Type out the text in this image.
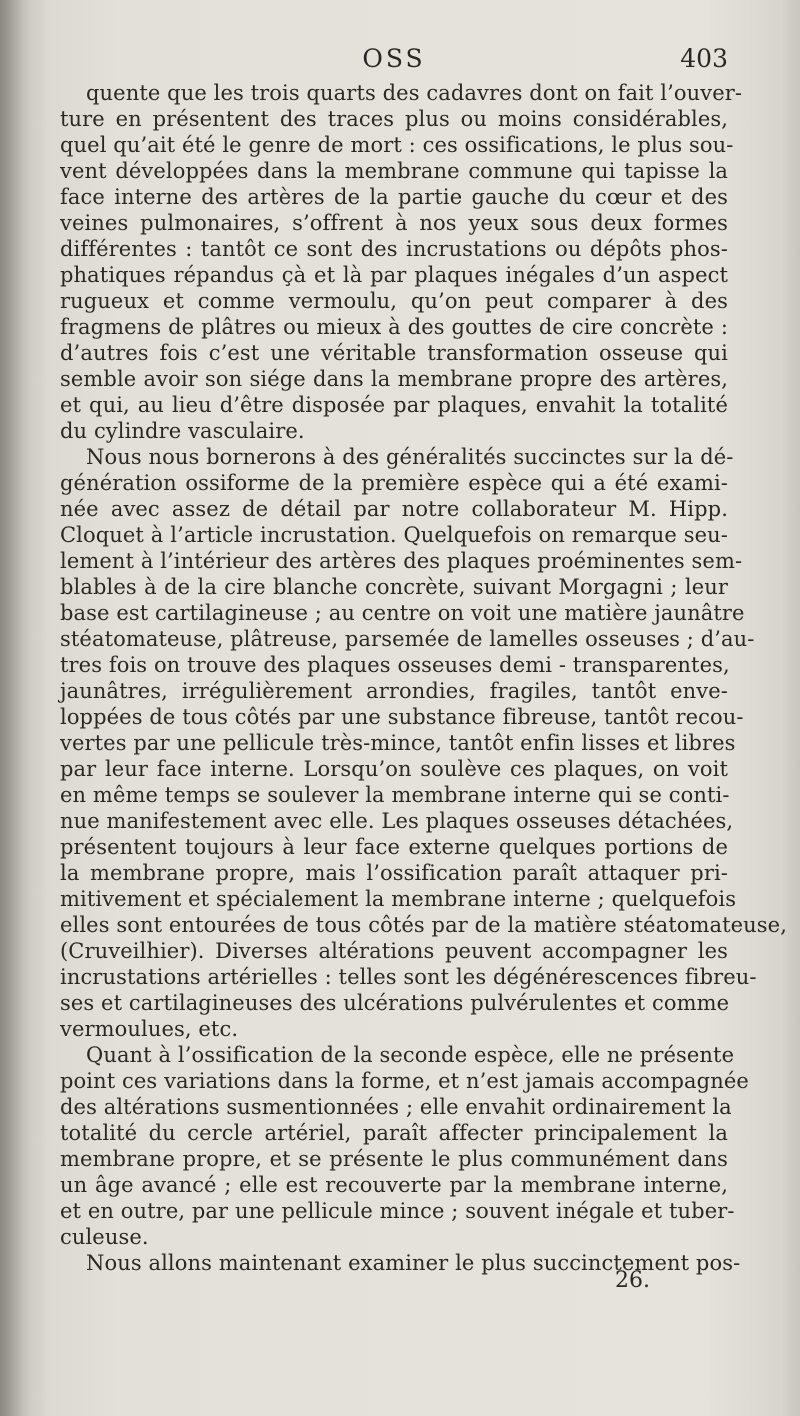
OSS	403
quente que les trois quarts des cadavres dont on fait l’ouver-
ture en présentent des traces plus ou moins considérables,
quel qu’ait été le genre de mort : ces ossifications, le plus sou-
vent développées dans la membrane commune qui tapisse la
face interne des artères de la partie gauche du cœur et des
veines pulmonaires, s’offrent à nos yeux sous deux formes
différentes : tantôt ce sont des incrustations ou dépôts phos-
phatiques répandus çà et là par plaques inégales d’un aspect
rugueux et comme vermoulu, qu’on peut comparer à des
fragmens de plâtres ou mieux à des gouttes de cire concrète :
d’autres fois c’est une véritable transformation osseuse qui
semble avoir son siége dans la membrane propre des artères,
et qui, au lieu d’être disposée par plaques, envahit la totalité
du cylindre vasculaire.
Nous nous bornerons à des généralités succinctes sur la dé-
génération ossiforme de la première espèce qui a été exami-
née avec assez de détail par notre collaborateur M. Hipp.
Cloquet à l’article incrustation. Quelquefois on remarque seu-
lement à l’intérieur des artères des plaques proéminentes sem-
blables à de la cire blanche concrète, suivant Morgagni ; leur
base est cartilagineuse ; au centre on voit une matière jaunâtre
stéatomateuse, plâtreuse, parsemée de lamelles osseuses ; d’au-
tres fois on trouve des plaques osseuses demi - transparentes,
jaunâtres, irrégulièrement arrondies, fragiles, tantôt enve-
loppées de tous côtés par une substance fibreuse, tantôt recou-
vertes par une pellicule très-mince, tantôt enfin lisses et libres
par leur face interne. Lorsqu’on soulève ces plaques, on voit
en même temps se soulever la membrane interne qui se conti-
nue manifestement avec elle. Les plaques osseuses détachées,
présentent toujours à leur face externe quelques portions de
la membrane propre, mais l’ossification paraît attaquer pri-
mitivement et spécialement la membrane interne ; quelquefois
elles sont entourées de tous côtés par de la matière stéatomateuse,
(Cruveilhier). Diverses altérations peuvent accompagner les
incrustations artérielles : telles sont les dégénérescences fibreu-
ses et cartilagineuses des ulcérations pulvérulentes et comme
vermoulues, etc.
Quant à l’ossification de la seconde espèce, elle ne présente
point ces variations dans la forme, et n’est jamais accompagnée
des altérations susmentionnées ; elle envahit ordinairement la
totalité du cercle artériel, paraît affecter principalement la
membrane propre, et se présente le plus communément dans
un âge avancé ; elle est recouverte par la membrane interne,
et en outre, par une pellicule mince ; souvent inégale et tuber-
culeuse.
Nous allons maintenant examiner le plus succinctement pos-
26.
